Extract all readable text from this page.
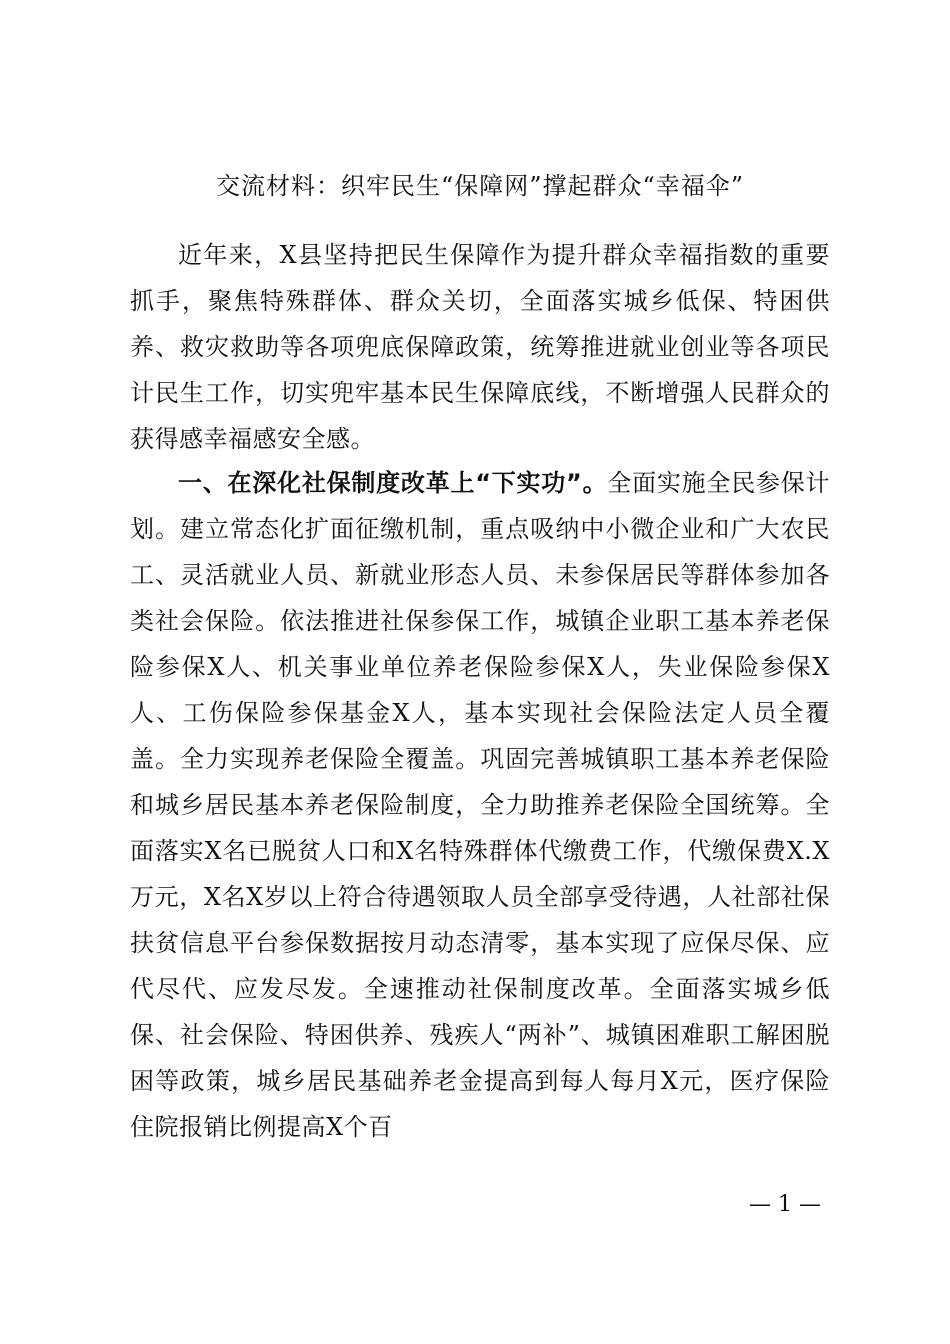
交流材料：织牢民生“保障网”撑起群众“幸福伞”

近年来，X县坚持把民生保障作为提升群众幸福指数的重要抓手，聚焦特殊群体、群众关切，全面落实城乡低保、特困供养、救灾救助等各项兜底保障政策，统筹推进就业创业等各项民计民生工作，切实兜牢基本民生保障底线，不断增强人民群众的获得感幸福感安全感。

一、在深化社保制度改革上“下实功”。全面实施全民参保计划。建立常态化扩面征缴机制，重点吸纳中小微企业和广大农民工、灵活就业人员、新就业形态人员、未参保居民等群体参加各类社会保险。依法推进社保参保工作，城镇企业职工基本养老保险参保X人、机关事业单位养老保险参保X人，失业保险参保X人、工伤保险参保基金X人，基本实现社会保险法定人员全覆盖。全力实现养老保险全覆盖。巩固完善城镇职工基本养老保险和城乡居民基本养老保险制度，全力助推养老保险全国统筹。全面落实X名已脱贫人口和X名特殊群体代缴费工作，代缴保费X.X万元，X名X岁以上符合待遇领取人员全部享受待遇，人社部社保扶贫信息平台参保数据按月动态清零，基本实现了应保尽保、应代尽代、应发尽发。全速推动社保制度改革。全面落实城乡低保、社会保险、特困供养、残疾人“两补”、城镇困难职工解困脱困等政策，城乡居民基础养老金提高到每人每月X元，医疗保险住院报销比例提高X个百

— 1 —
